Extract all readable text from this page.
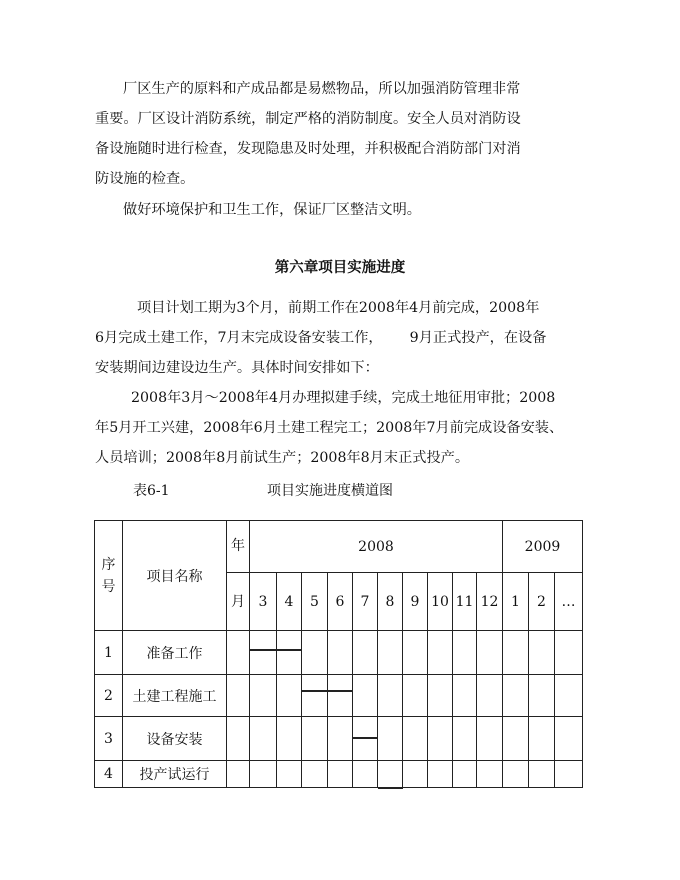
厂区生产的原料和产成品都是易燃物品，所以加强消防管理非常
重要。厂区设计消防系统，制定严格的消防制度。安全人员对消防设
备设施随时进行检查，发现隐患及时处理，并积极配合消防部门对消
防设施的检查。
做好环境保护和卫生工作，保证厂区整洁文明。
第六章项目实施进度
项目计划工期为3个月，前期工作在2008年4月前完成，2008年
6月完成土建工作，7月末完成设备安装工作，      9月正式投产，在设备
安装期间边建设边生产。具体时间安排如下：
2008年3月～2008年4月办理拟建手续，完成土地征用审批；2008
年5月开工兴建，2008年6月土建工程完工；2008年7月前完成设备安装、
人员培训；2008年8月前试生产；2008年8月末正式投产。
表6-1	项目实施进度横道图
序
号	项目名称	年	2008										2009		
		月	3	4	5	6	7	8	9	10	11	12	1	2	…
1	准备工作		

2	土建工程施工				

3	设备安装						

4	投产试运行							
